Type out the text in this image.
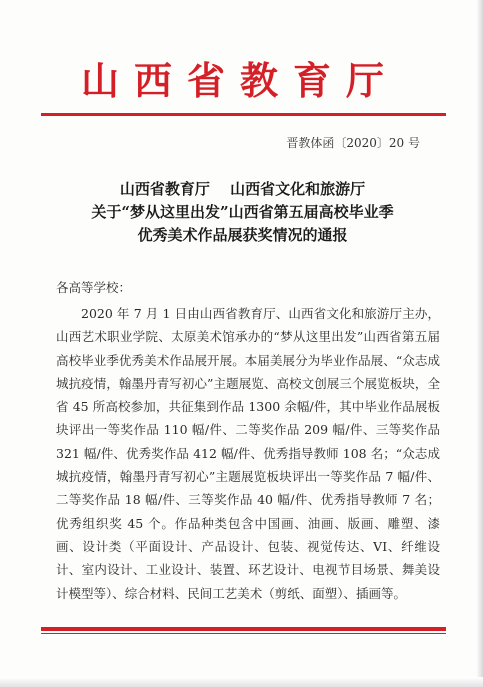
山西省教育厅
晋教体函〔2020〕20 号
山西省教育厅　 山西省文化和旅游厅
关于“梦从这里出发”山西省第五届高校毕业季
优秀美术作品展获奖情况的通报
各高等学校：

2020 年 7 月 1 日由山西省教育厅、山西省文化和旅游厅主办，山西艺术职业学院、太原美术馆承办的“梦从这里出发”山西省第五届高校毕业季优秀美术作品展开展。本届美展分为毕业作品展、“众志成城抗疫情，翰墨丹青写初心”主题展览、高校文创展三个展览板块，全省 45 所高校参加，共征集到作品 1300 余幅/件，其中毕业作品展板块评出一等奖作品 110 幅/件、二等奖作品 209 幅/件、三等奖作品 321 幅/件、优秀奖作品 412 幅/件、优秀指导教师 108 名；“众志成城抗疫情，翰墨丹青写初心”主题展览板块评出一等奖作品 7 幅/件、二等奖作品 18 幅/件、三等奖作品 40 幅/件、优秀指导教师 7 名；优秀组织奖 45 个。作品种类包含中国画、油画、版画、雕塑、漆画、设计类（平面设计、产品设计、包装、视觉传达、VI、纤维设计、室内设计、工业设计、装置、环艺设计、电视节目场景、舞美设计模型等）、综合材料、民间工艺美术（剪纸、面塑）、插画等。
